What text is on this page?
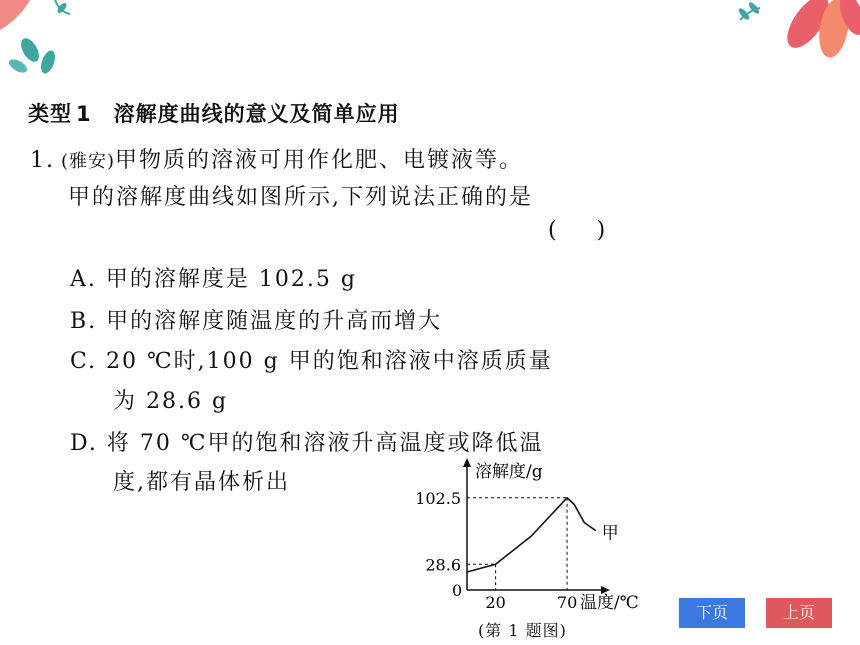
类型 1 溶解度曲线的意义及简单应用
1. (雅安)甲物质的溶液可用作化肥、电镀液等。
甲的溶解度曲线如图所示,下列说法正确的是
( )
A. 甲的溶解度是 102.5 g
B. 甲的溶解度随温度的升高而增大
C. 20 ℃时,100 g 甲的饱和溶液中溶质质量
为 28.6 g
D. 将 70 ℃甲的饱和溶液升高温度或降低温
度,都有晶体析出	溶解度/g
温度/℃
0
28.6
20
102.5
70
甲
(第 1 题图)
下页	上页
